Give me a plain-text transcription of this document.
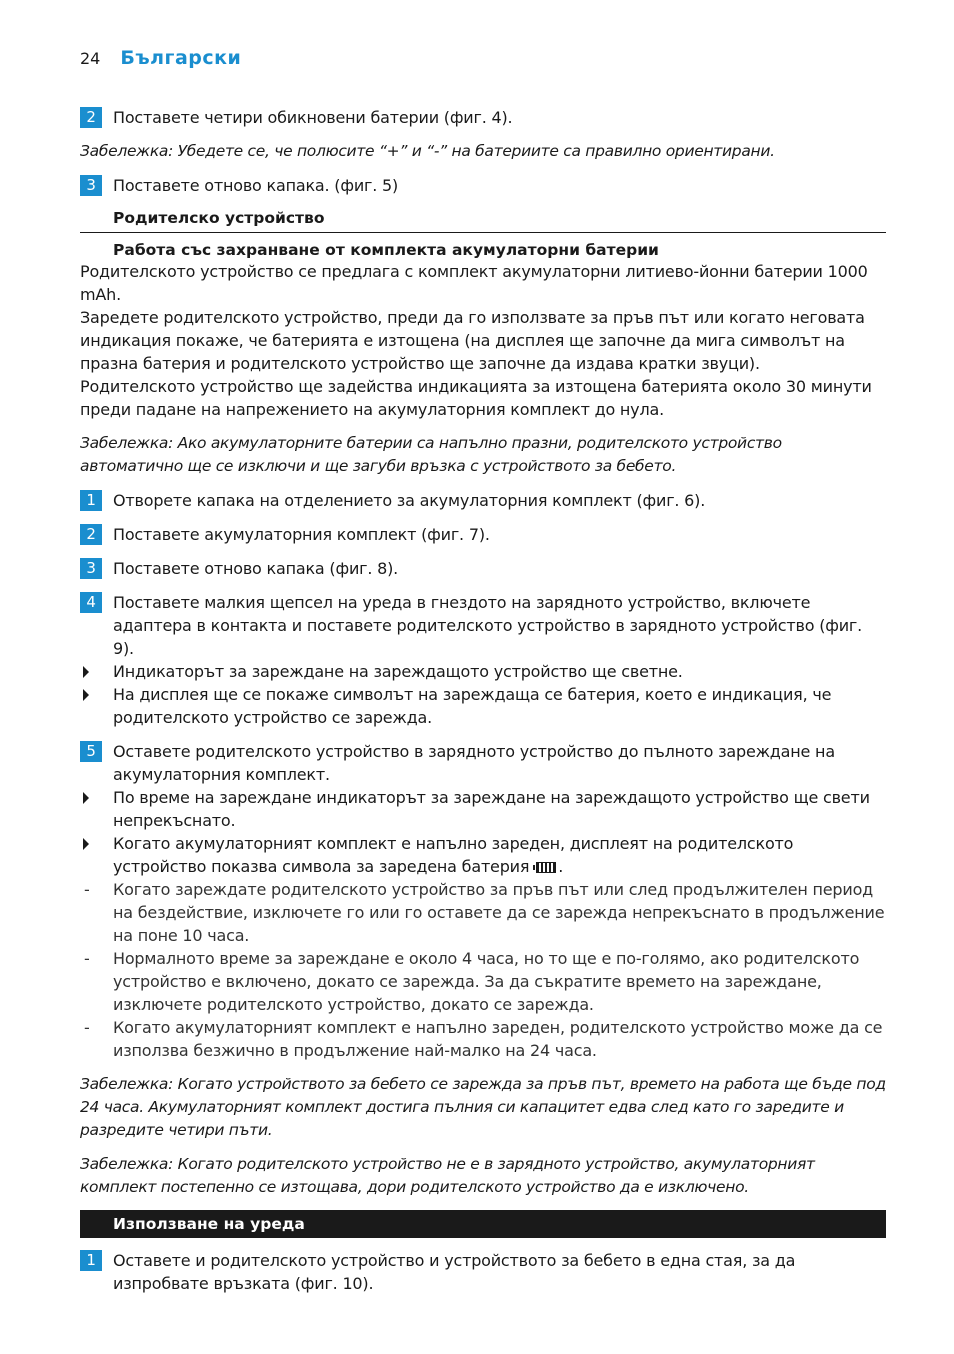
24 Български
2	Поставете четири обикновени батерии (фиг. 4).
Забележка: Убедете се, че полюсите “+” и “-” на батериите са правилно ориентирани.
3	Поставете отново капака. (фиг. 5)
Родителско устройство
Работа със захранване от комплекта акумулаторни батерии
Родителското устройство се предлага с комплект акумулаторни литиево-йонни батерии 1000 mAh.
Заредете родителското устройство, преди да го използвате за пръв път или когато неговата индикация покаже, че батерията е изтощена (на дисплея ще започне да мига символът на празна батерия и родителското устройство ще започне да издава кратки звуци).
Родителското устройство ще задейства индикацията за изтощена батерията около 30 минути преди падане на напрежението на акумулаторния комплект до нула.
Забележка: Ако акумулаторните батерии са напълно празни, родителското устройство автоматично ще се изключи и ще загуби връзка с устройството за бебето.
1	Отворете капака на отделението за акумулаторния комплект (фиг. 6).
2	Поставете акумулаторния комплект (фиг. 7).
3	Поставете отново капака (фиг. 8).
4	Поставете малкия щепсел на уреда в гнездото на зарядното устройство, включете адаптера в контакта и поставете родителското устройство в зарядното устройство (фиг. 9).
Индикаторът за зареждане на зареждащото устройство ще светне.
На дисплея ще се покаже символът на зареждаща се батерия, което е индикация, че родителското устройство се зарежда.
5	Оставете родителското устройство в зарядното устройство до пълното зареждане на акумулаторния комплект.
По време на зареждане индикаторът за зареждане на зареждащото устройство ще свети непрекъснато.
Когато акумулаторният комплект е напълно зареден, дисплеят на родителското устройство показва символа за заредена батерия .
-
Когато зареждате родителското устройство за пръв път или след продължителен период на бездействие, изключете го или го оставете да се зарежда непрекъснато в продължение на поне 10 часа.
-
Нормалното време за зареждане е около 4 часа, но то ще е по-голямо, ако родителското устройство е включено, докато се зарежда. За да съкратите времето на зареждане, изключете родителското устройство, докато се зарежда.
-
Когато акумулаторният комплект е напълно зареден, родителското устройство може да се използва безжично в продължение най-малко на 24 часа.
Забележка: Когато устройството за бебето се зарежда за пръв път, времето на работа ще бъде под 24 часа. Акумулаторният комплект достига пълния си капацитет едва след като го заредите и разредите четири пъти.
Забележка: Когато родителското устройство не е в зарядното устройство, акумулаторният комплект постепенно се изтощава, дори родителското устройство да е изключено.
Използване на уреда
1	Оставете и родителското устройство и устройството за бебето в една стая, за да изпробвате връзката (фиг. 10).
